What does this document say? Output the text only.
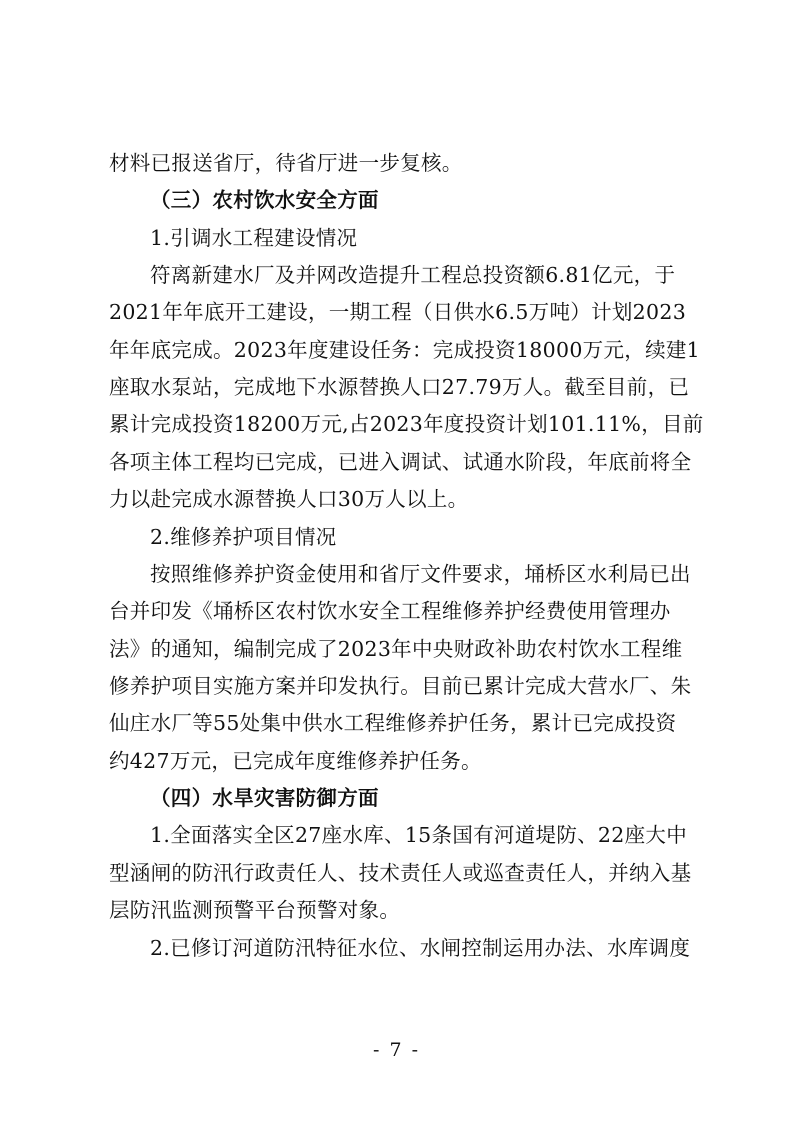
材料已报送省厅，待省厅进一步复核。
（三）农村饮水安全方面
1.引调水工程建设情况
符离新建水厂及并网改造提升工程总投资额6.81亿元，于
2021年年底开工建设，一期工程（日供水6.5万吨）计划2023
年年底完成。2023年度建设任务：完成投资18000万元，续建1
座取水泵站，完成地下水源替换人口27.79万人。截至目前，已
累计完成投资18200万元,占2023年度投资计划101.11%，目前
各项主体工程均已完成，已进入调试、试通水阶段，年底前将全
力以赴完成水源替换人口30万人以上。
2.维修养护项目情况
按照维修养护资金使用和省厅文件要求，埇桥区水利局已出
台并印发《埇桥区农村饮水安全工程维修养护经费使用管理办
法》的通知，编制完成了2023年中央财政补助农村饮水工程维
修养护项目实施方案并印发执行。目前已累计完成大营水厂、朱
仙庄水厂等55处集中供水工程维修养护任务，累计已完成投资
约427万元，已完成年度维修养护任务。
（四）水旱灾害防御方面
1.全面落实全区27座水库、15条国有河道堤防、22座大中
型涵闸的防汛行政责任人、技术责任人或巡查责任人，并纳入基
层防汛监测预警平台预警对象。
2.已修订河道防汛特征水位、水闸控制运用办法、水库调度
- 7 -
